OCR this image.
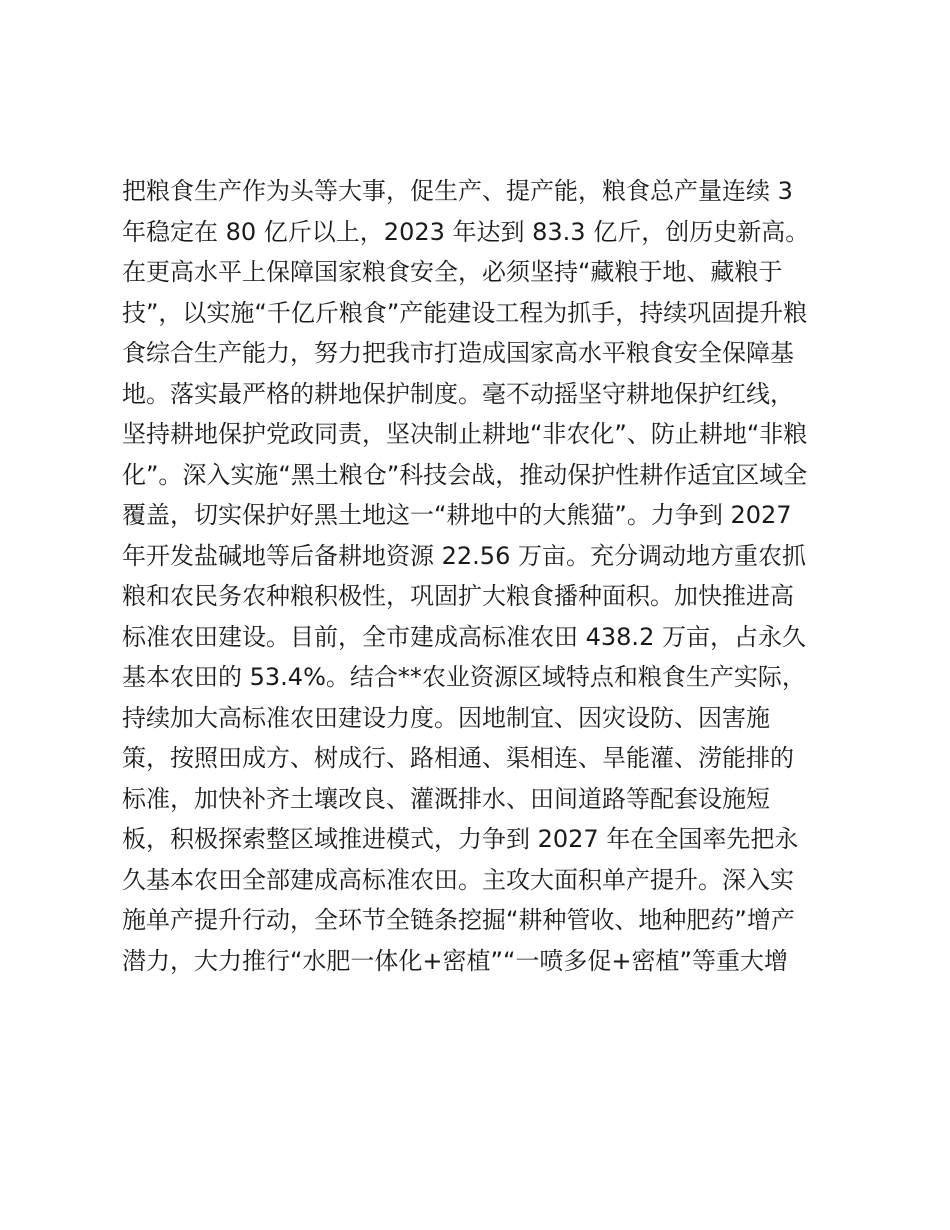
把粮食生产作为头等大事，促生产、提产能，粮食总产量连续 3
年稳定在 80 亿斤以上，2023 年达到 83.3 亿斤，创历史新高。
在更高水平上保障国家粮食安全，必须坚持“藏粮于地、藏粮于
技”，以实施“千亿斤粮食”产能建设工程为抓手，持续巩固提升粮
食综合生产能力，努力把我市打造成国家高水平粮食安全保障基
地。落实最严格的耕地保护制度。毫不动摇坚守耕地保护红线，
坚持耕地保护党政同责，坚决制止耕地“非农化”、防止耕地“非粮
化”。深入实施“黑土粮仓”科技会战，推动保护性耕作适宜区域全
覆盖，切实保护好黑土地这一“耕地中的大熊猫”。力争到 2027
年开发盐碱地等后备耕地资源 22.56 万亩。充分调动地方重农抓
粮和农民务农种粮积极性，巩固扩大粮食播种面积。加快推进高
标准农田建设。目前，全市建成高标准农田 438.2 万亩，占永久
基本农田的 53.4%。结合**农业资源区域特点和粮食生产实际，
持续加大高标准农田建设力度。因地制宜、因灾设防、因害施
策，按照田成方、树成行、路相通、渠相连、旱能灌、涝能排的
标准，加快补齐土壤改良、灌溉排水、田间道路等配套设施短
板，积极探索整区域推进模式，力争到 2027 年在全国率先把永
久基本农田全部建成高标准农田。主攻大面积单产提升。深入实
施单产提升行动，全环节全链条挖掘“耕种管收、地种肥药”增产
潜力，大力推行“水肥一体化+密植”“一喷多促+密植”等重大增
